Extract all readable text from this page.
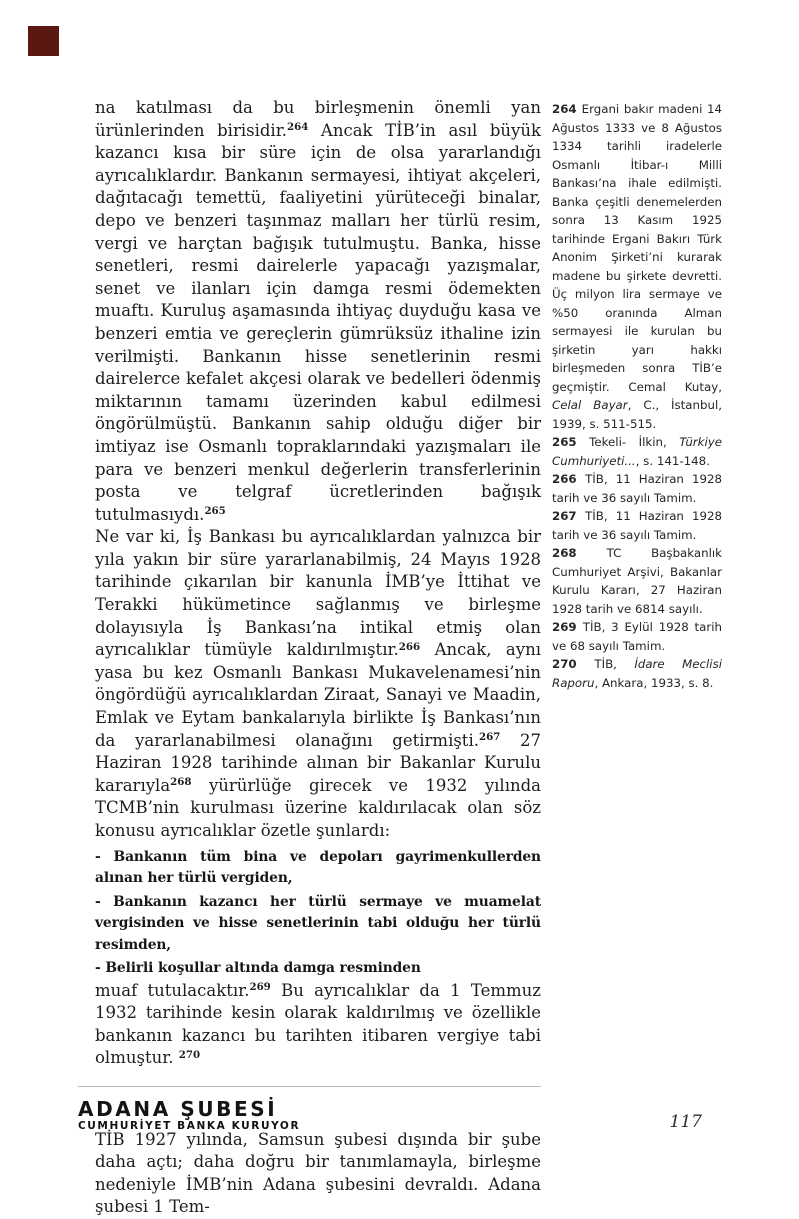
na katılması da bu birleşmenin önemli yan ürünlerinden birisidir.$^{264}$ Ancak TİB’in asıl büyük kazancı kısa bir süre için de olsa yararlandığı ayrıcalıklardır. Bankanın sermayesi, ihtiyat akçeleri, dağıtacağı temettü, faaliyetini yürüteceği binalar, depo ve benzeri taşınmaz malları her türlü resim, vergi ve harçtan bağışık tutulmuştu. Banka, hisse senetleri, resmi dairelerle yapacağı yazışmalar, senet ve ilanları için damga resmi ödemekten muaftı. Kuruluş aşamasında ihtiyaç duyduğu kasa ve benzeri emtia ve gereçlerin gümrüksüz ithaline izin verilmişti. Bankanın hisse senetlerinin resmi dairelerce kefalet akçesi olarak ve bedelleri ödenmiş miktarının tamamı üzerinden kabul edilmesi öngörülmüştü. Bankanın sahip olduğu diğer bir imtiyaz ise Osmanlı topraklarındaki yazışmaları ile para ve benzeri menkul değerlerin transferlerinin posta ve telgraf ücretlerinden bağışık tutulmasıydı.$^{265}$

Ne var ki, İş Bankası bu ayrıcalıklardan yalnızca bir yıla yakın bir süre yararlanabilmiş, 24 Mayıs 1928 tarihinde çıkarılan bir kanunla İMB’ye İttihat ve Terakki hükümetince sağlanmış ve birleşme dolayısıyla İş Bankası’na intikal etmiş olan ayrıcalıklar tümüyle kaldırılmıştır.$^{266}$ Ancak, aynı yasa bu kez Osmanlı Bankası Mukavelenamesi’nin öngördüğü ayrıcalıklardan Ziraat, Sanayi ve Maadin, Emlak ve Eytam bankalarıyla birlikte İş Bankası’nın da yararlanabilmesi olanağını getirmişti.$^{267}$ 27 Haziran 1928 tarihinde alınan bir Bakanlar Kurulu kararıyla$^{268}$ yürürlüğe girecek ve 1932 yılında TCMB’nin kurulması üzerine kaldırılacak olan söz konusu ayrıcalıklar özetle şunlardı:

- Bankanın tüm bina ve depoları gayrimenkullerden alınan her türlü vergiden,

- Bankanın kazancı her türlü sermaye ve muamelat vergisinden ve hisse senetlerinin tabi olduğu her türlü resimden,

- Belirli koşullar altında damga resminden

muaf tutulacaktır.$^{269}$ Bu ayrıcalıklar da 1 Temmuz 1932 tarihinde kesin olarak kaldırılmış ve özellikle bankanın kazancı bu tarihten itibaren vergiye tabi olmuştur. $^{270}$

ADANA ŞUBESİ

TİB 1927 yılında, Samsun şubesi dışında bir şube daha açtı; daha doğru bir tanımlamayla, birleşme nedeniyle İMB’nin Adana şubesini devraldı. Adana şubesi 1 Tem-

264 Ergani bakır madeni 14 Ağustos 1333 ve 8 Ağustos 1334 tarihli iradelerle Osmanlı İtibar-ı Milli Bankası’na ihale edilmişti. Banka çeşitli denemelerden sonra 13 Kasım 1925 tarihinde Ergani Bakırı Türk Anonim Şirketi’ni kurarak madene bu şirkete devretti. Üç milyon lira sermaye ve %50 oranında Alman sermayesi ile kurulan bu şirketin yarı hakkı birleşmeden sonra TİB’e geçmiştir. Cemal Kutay, Celal Bayar, C., İstanbul, 1939, s. 511-515.

265 Tekeli- İlkin, Türkiye Cumhuriyeti..., s. 141-148.

266 TİB, 11 Haziran 1928 tarih ve 36 sayılı Tamim.

267 TİB, 11 Haziran 1928 tarih ve 36 sayılı Tamim.

268 TC Başbakanlık Cumhuriyet Arşivi, Bakanlar Kurulu Kararı, 27 Haziran 1928 tarih ve 6814 sayılı.

269 TİB, 3 Eylül 1928 tarih ve 68 sayılı Tamim.

270 TİB, İdare Meclisi Raporu, Ankara, 1933, s. 8.

CUMHURİYET BANKA KURUYOR	117
